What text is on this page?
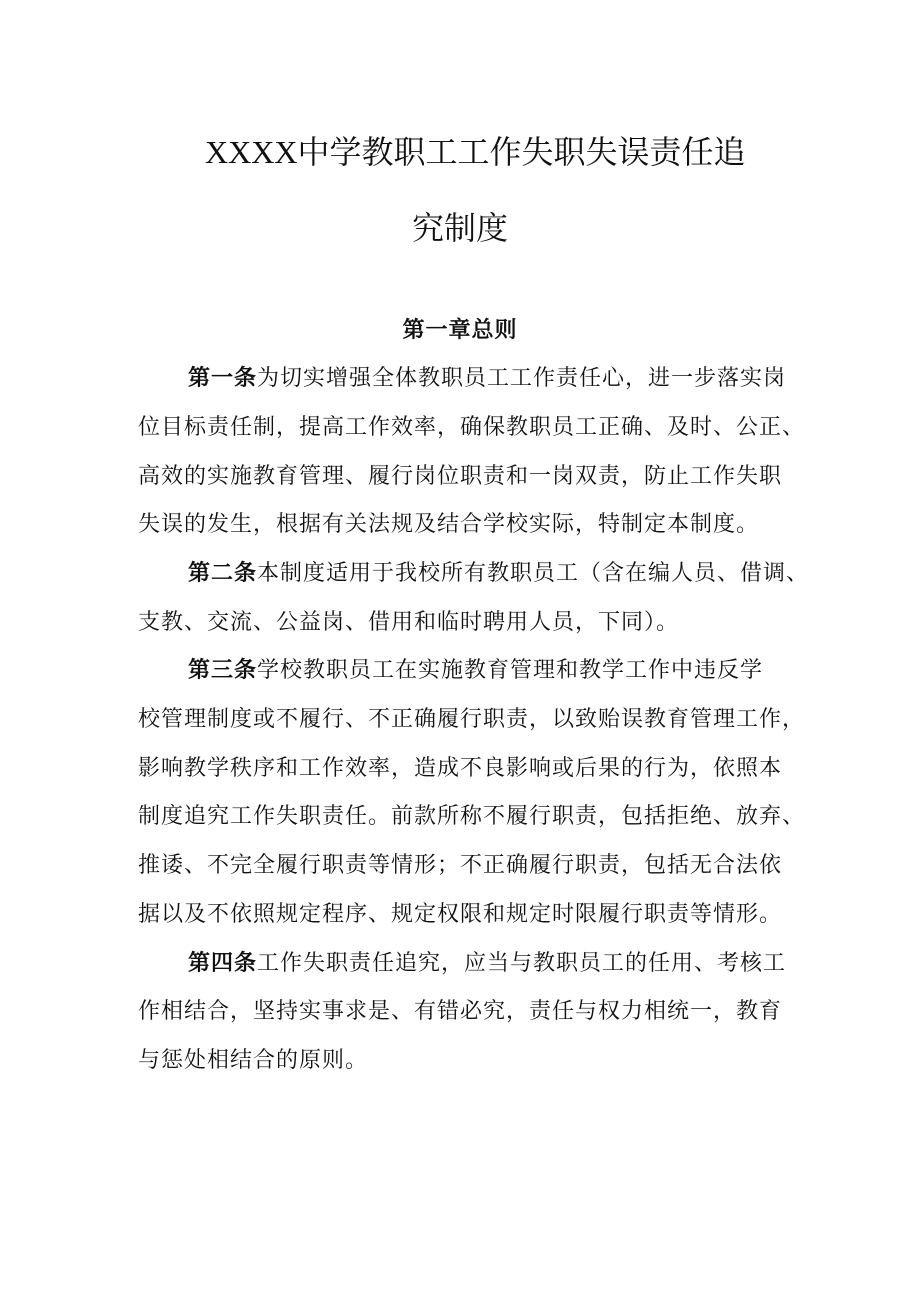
XXXX中学教职工工作失职失误责任追
究制度
第一章总则
第一条为切实增强全体教职员工工作责任心，进一步落实岗
位目标责任制，提高工作效率，确保教职员工正确、及时、公正、
高效的实施教育管理、履行岗位职责和一岗双责，防止工作失职
失误的发生，根据有关法规及结合学校实际，特制定本制度。
第二条本制度适用于我校所有教职员工（含在编人员、借调、
支教、交流、公益岗、借用和临时聘用人员，下同）。
第三条学校教职员工在实施教育管理和教学工作中违反学
校管理制度或不履行、不正确履行职责，以致贻误教育管理工作，
影响教学秩序和工作效率，造成不良影响或后果的行为，依照本
制度追究工作失职责任。前款所称不履行职责，包括拒绝、放弃、
推诿、不完全履行职责等情形；不正确履行职责，包括无合法依
据以及不依照规定程序、规定权限和规定时限履行职责等情形。
第四条工作失职责任追究，应当与教职员工的任用、考核工
作相结合，坚持实事求是、有错必究，责任与权力相统一，教育
与惩处相结合的原则。
